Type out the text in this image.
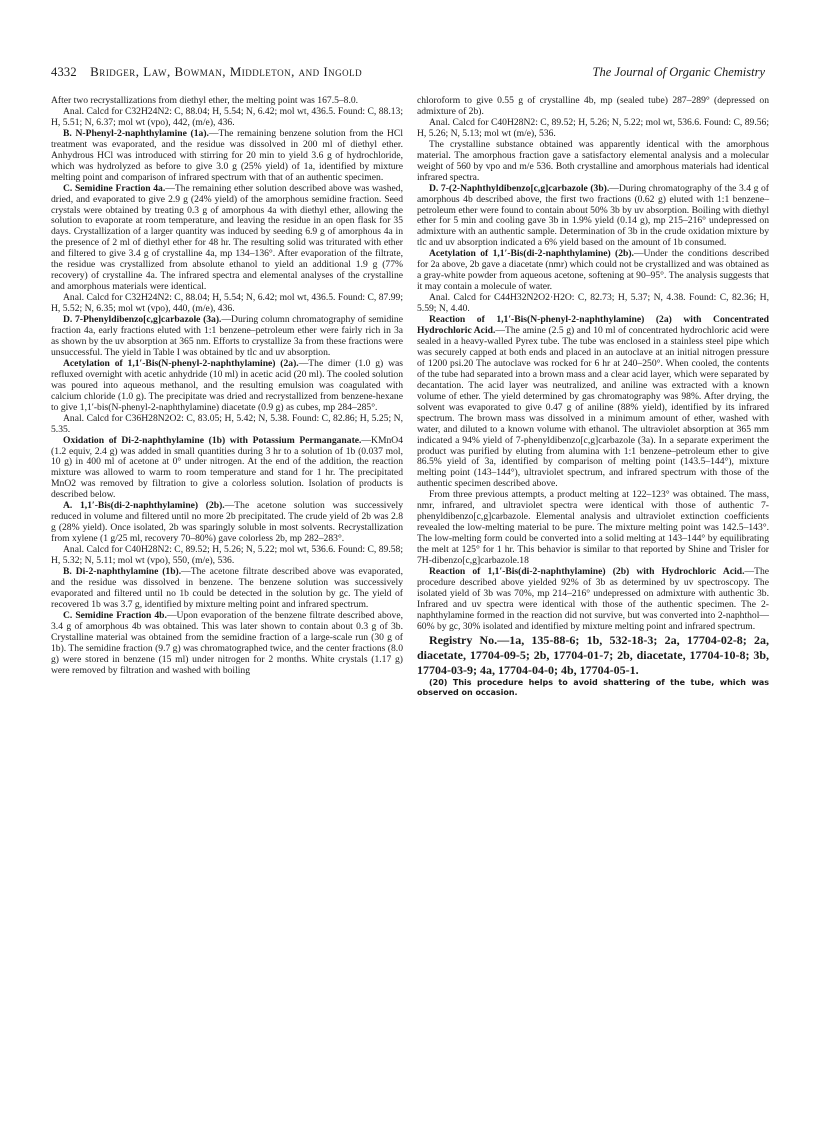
4332 Bridger, Law, Bowman, Middleton, and Ingold	The Journal of Organic Chemistry

After two recrystallizations from diethyl ether, the melting point was 167.5–8.0.

Anal. Calcd for C32H24N2: C, 88.04; H, 5.54; N, 6.42; mol wt, 436.5. Found: C, 88.13; H, 5.51; N, 6.37; mol wt (vpo), 442, (m/e), 436.

B. N-Phenyl-2-naphthylamine (1a).—The remaining benzene solution from the HCl treatment was evaporated, and the residue was dissolved in 200 ml of diethyl ether. Anhydrous HCl was introduced with stirring for 20 min to yield 3.6 g of hydrochloride, which was hydrolyzed as before to give 3.0 g (25% yield) of 1a, identified by mixture melting point and comparison of infrared spectrum with that of an authentic specimen.

C. Semidine Fraction 4a.—The remaining ether solution described above was washed, dried, and evaporated to give 2.9 g (24% yield) of the amorphous semidine fraction. Seed crystals were obtained by treating 0.3 g of amorphous 4a with diethyl ether, allowing the solution to evaporate at room temperature, and leaving the residue in an open flask for 35 days. Crystallization of a larger quantity was induced by seeding 6.9 g of amorphous 4a in the presence of 2 ml of diethyl ether for 48 hr. The resulting solid was triturated with ether and filtered to give 3.4 g of crystalline 4a, mp 134–136°. After evaporation of the filtrate, the residue was crystallized from absolute ethanol to yield an additional 1.9 g (77% recovery) of crystalline 4a. The infrared spectra and elemental analyses of the crystalline and amorphous materials were identical.

Anal. Calcd for C32H24N2: C, 88.04; H, 5.54; N, 6.42; mol wt, 436.5. Found: C, 87.99; H, 5.52; N, 6.35; mol wt (vpo), 440, (m/e), 436.

D. 7-Phenyldibenzo[c,g]carbazole (3a).—During column chromatography of semidine fraction 4a, early fractions eluted with 1:1 benzene–petroleum ether were fairly rich in 3a as shown by the uv absorption at 365 nm. Efforts to crystallize 3a from these fractions were unsuccessful. The yield in Table I was obtained by tlc and uv absorption.

Acetylation of 1,1′-Bis(N-phenyl-2-naphthylamine) (2a).—The dimer (1.0 g) was refluxed overnight with acetic anhydride (10 ml) in acetic acid (20 ml). The cooled solution was poured into aqueous methanol, and the resulting emulsion was coagulated with calcium chloride (1.0 g). The precipitate was dried and recrystallized from benzene-hexane to give 1,1′-bis(N-phenyl-2-naphthylamine) diacetate (0.9 g) as cubes, mp 284–285°.

Anal. Calcd for C36H28N2O2: C, 83.05; H, 5.42; N, 5.38. Found: C, 82.86; H, 5.25; N, 5.35.

Oxidation of Di-2-naphthylamine (1b) with Potassium Permanganate.—KMnO4 (1.2 equiv, 2.4 g) was added in small quantities during 3 hr to a solution of 1b (0.037 mol, 10 g) in 400 ml of acetone at 0° under nitrogen. At the end of the addition, the reaction mixture was allowed to warm to room temperature and stand for 1 hr. The precipitated MnO2 was removed by filtration to give a colorless solution. Isolation of products is described below.

A. 1,1′-Bis(di-2-naphthylamine) (2b).—The acetone solution was successively reduced in volume and filtered until no more 2b precipitated. The crude yield of 2b was 2.8 g (28% yield). Once isolated, 2b was sparingly soluble in most solvents. Recrystallization from xylene (1 g/25 ml, recovery 70–80%) gave colorless 2b, mp 282–283°.

Anal. Calcd for C40H28N2: C, 89.52; H, 5.26; N, 5.22; mol wt, 536.6. Found: C, 89.58; H, 5.32; N, 5.11; mol wt (vpo), 550, (m/e), 536.

B. Di-2-naphthylamine (1b).—The acetone filtrate described above was evaporated, and the residue was dissolved in benzene. The benzene solution was successively evaporated and filtered until no 1b could be detected in the solution by gc. The yield of recovered 1b was 3.7 g, identified by mixture melting point and infrared spectrum.

C. Semidine Fraction 4b.—Upon evaporation of the benzene filtrate described above, 3.4 g of amorphous 4b was obtained. This was later shown to contain about 0.3 g of 3b. Crystalline material was obtained from the semidine fraction of a large-scale run (30 g of 1b). The semidine fraction (9.7 g) was chromatographed twice, and the center fractions (8.0 g) were stored in benzene (15 ml) under nitrogen for 2 months. White crystals (1.17 g) were removed by filtration and washed with boiling

chloroform to give 0.55 g of crystalline 4b, mp (sealed tube) 287–289° (depressed on admixture of 2b).

Anal. Calcd for C40H28N2: C, 89.52; H, 5.26; N, 5.22; mol wt, 536.6. Found: C, 89.56; H, 5.26; N, 5.13; mol wt (m/e), 536.

The crystalline substance obtained was apparently identical with the amorphous material. The amorphous fraction gave a satisfactory elemental analysis and a molecular weight of 560 by vpo and m/e 536. Both crystalline and amorphous materials had identical infrared spectra.

D. 7-(2-Naphthyldibenzo[c,g]carbazole (3b).—During chromatography of the 3.4 g of amorphous 4b described above, the first two fractions (0.62 g) eluted with 1:1 benzene–petroleum ether were found to contain about 50% 3b by uv absorption. Boiling with diethyl ether for 5 min and cooling gave 3b in 1.9% yield (0.14 g), mp 215–216° undepressed on admixture with an authentic sample. Determination of 3b in the crude oxidation mixture by tlc and uv absorption indicated a 6% yield based on the amount of 1b consumed.

Acetylation of 1,1′-Bis(di-2-naphthylamine) (2b).—Under the conditions described for 2a above, 2b gave a diacetate (nmr) which could not be crystallized and was obtained as a gray-white powder from aqueous acetone, softening at 90–95°. The analysis suggests that it may contain a molecule of water.

Anal. Calcd for C44H32N2O2·H2O: C, 82.73; H, 5.37; N, 4.38. Found: C, 82.36; H, 5.59; N, 4.40.

Reaction of 1,1′-Bis(N-phenyl-2-naphthylamine) (2a) with Concentrated Hydrochloric Acid.—The amine (2.5 g) and 10 ml of concentrated hydrochloric acid were sealed in a heavy-walled Pyrex tube. The tube was enclosed in a stainless steel pipe which was securely capped at both ends and placed in an autoclave at an initial nitrogen pressure of 1200 psi.20 The autoclave was rocked for 6 hr at 240–250°. When cooled, the contents of the tube had separated into a brown mass and a clear acid layer, which were separated by decantation. The acid layer was neutralized, and aniline was extracted with a known volume of ether. The yield determined by gas chromatography was 98%. After drying, the solvent was evaporated to give 0.47 g of aniline (88% yield), identified by its infrared spectrum. The brown mass was dissolved in a minimum amount of ether, washed with water, and diluted to a known volume with ethanol. The ultraviolet absorption at 365 mm indicated a 94% yield of 7-phenyldibenzo[c,g]carbazole (3a). In a separate experiment the product was purified by eluting from alumina with 1:1 benzene–petroleum ether to give 86.5% yield of 3a, identified by comparison of melting point (143.5–144°), mixture melting point (143–144°), ultraviolet spectrum, and infrared spectrum with those of the authentic specimen described above.

From three previous attempts, a product melting at 122–123° was obtained. The mass, nmr, infrared, and ultraviolet spectra were identical with those of authentic 7-phenyldibenzo[c,g]carbazole. Elemental analysis and ultraviolet extinction coefficients revealed the low-melting material to be pure. The mixture melting point was 142.5–143°. The low-melting form could be converted into a solid melting at 143–144° by equilibrating the melt at 125° for 1 hr. This behavior is similar to that reported by Shine and Trisler for 7H-dibenzo[c,g]carbazole.18

Reaction of 1,1′-Bis(di-2-naphthylamine) (2b) with Hydrochloric Acid.—The procedure described above yielded 92% of 3b as determined by uv spectroscopy. The isolated yield of 3b was 70%, mp 214–216° undepressed on admixture with authentic 3b. Infrared and uv spectra were identical with those of the authentic specimen. The 2-naphthylamine formed in the reaction did not survive, but was converted into 2-naphthol—60% by gc, 30% isolated and identified by mixture melting point and infrared spectrum.

Registry No.—1a, 135-88-6; 1b, 532-18-3; 2a, 17704-02-8; 2a, diacetate, 17704-09-5; 2b, 17704-01-7; 2b, diacetate, 17704-10-8; 3b, 17704-03-9; 4a, 17704-04-0; 4b, 17704-05-1.

(20) This procedure helps to avoid shattering of the tube, which was observed on occasion.
